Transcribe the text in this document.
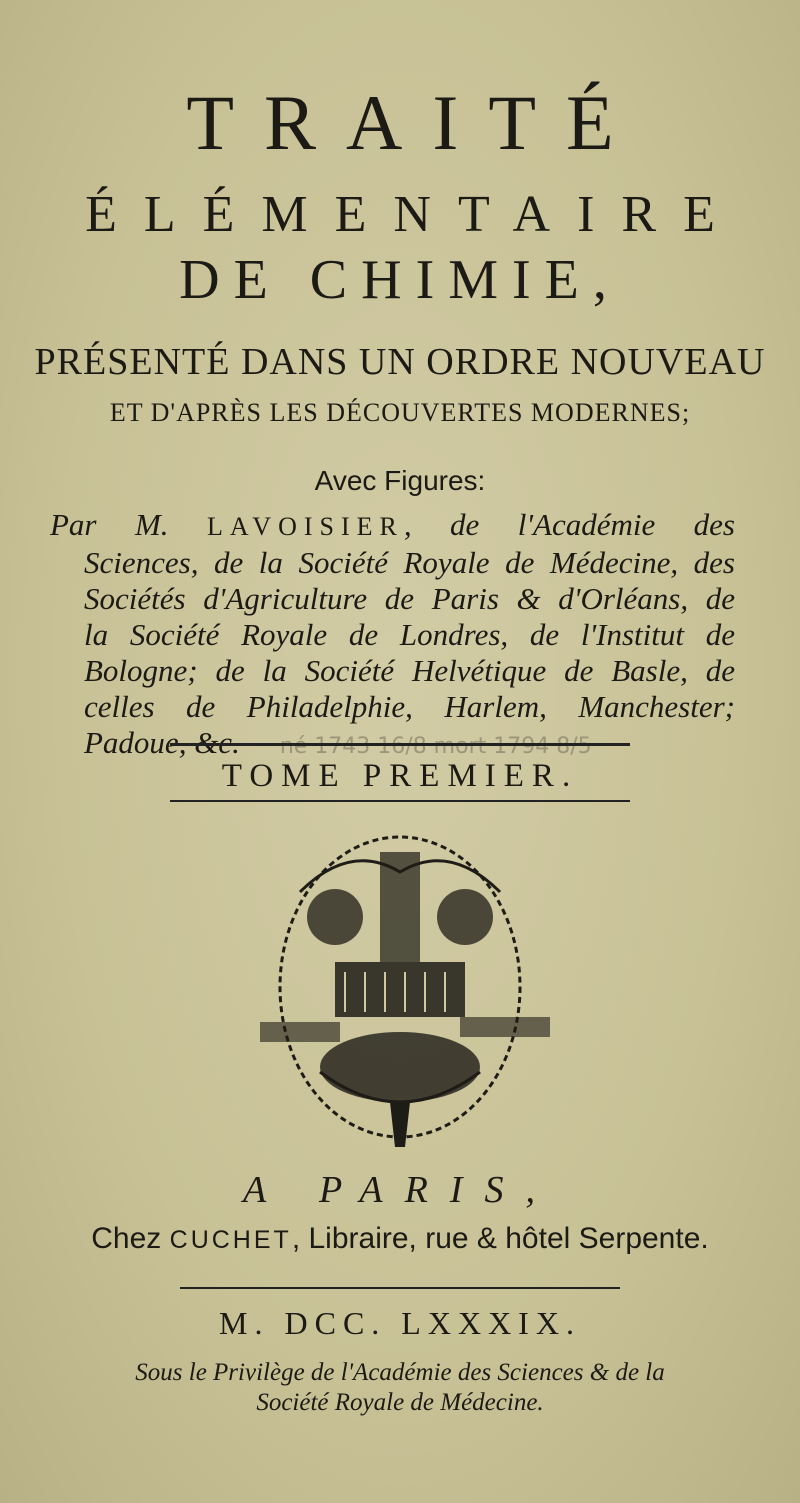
TRAITÉ
ÉLÉMENTAIRE
DE CHIMIE,
PRÉSENTÉ DANS UN ORDRE NOUVEAU
ET D'APRÈS LES DÉCOUVERTES MODERNES;
Avec Figures:
Par M. LAVOISIER, de l'Académie des
Sciences, de la Société Royale de Médecine, des
Sociétés d'Agriculture de Paris & d'Orléans, de
la Société Royale de Londres, de l'Institut de
Bologne; de la Société Helvétique de Basle, de
celles de Philadelphie, Harlem, Manchester;
Padoue, &c. né 1743 16/8 mort 1794 8/5
TOME PREMIER.
A PARIS,
Chez CUCHET, Libraire, rue & hôtel Serpente.
M. DCC. LXXXIX.
Sous le Privilège de l'Académie des Sciences & de la
Société Royale de Médecine.
